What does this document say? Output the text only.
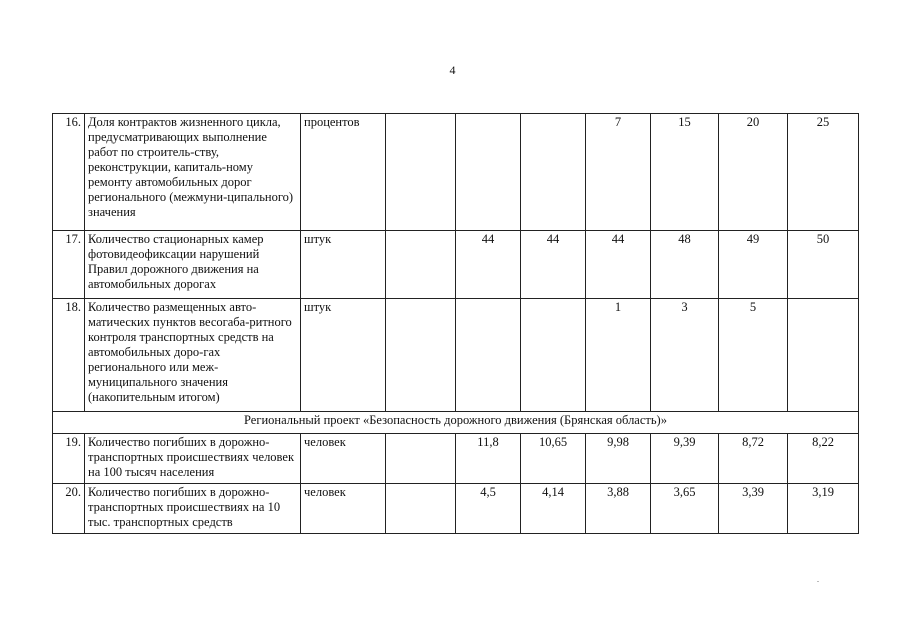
4
16.	Доля контрактов жизненного цикла, предусматривающих выполнение работ по строитель-ству, реконструкции, капиталь-ному ремонту автомобильных дорог регионального (межмуни-ципального) значения	процентов				7	15	20	25
17.	Количество стационарных камер фотовидеофиксации нарушений Правил дорожного движения на автомобильных дорогах	штук		44	44	44	48	49	50
18.	Количество размещенных авто-матических пунктов весогаба-ритного контроля транспортных средств на автомобильных доро-гах регионального или меж-муниципального значения (накопительным итогом)	штук				1	3	5	
Региональный проект «Безопасность дорожного движения (Брянская область)»									
19.	Количество погибших в дорожно-транспортных происшествиях человек на 100 тысяч населения	человек		11,8	10,65	9,98	9,39	8,72	8,22
20.	Количество погибших в дорожно-транспортных происшествиях на 10 тыс. транспортных средств	человек		4,5	4,14	3,88	3,65	3,39	3,19
